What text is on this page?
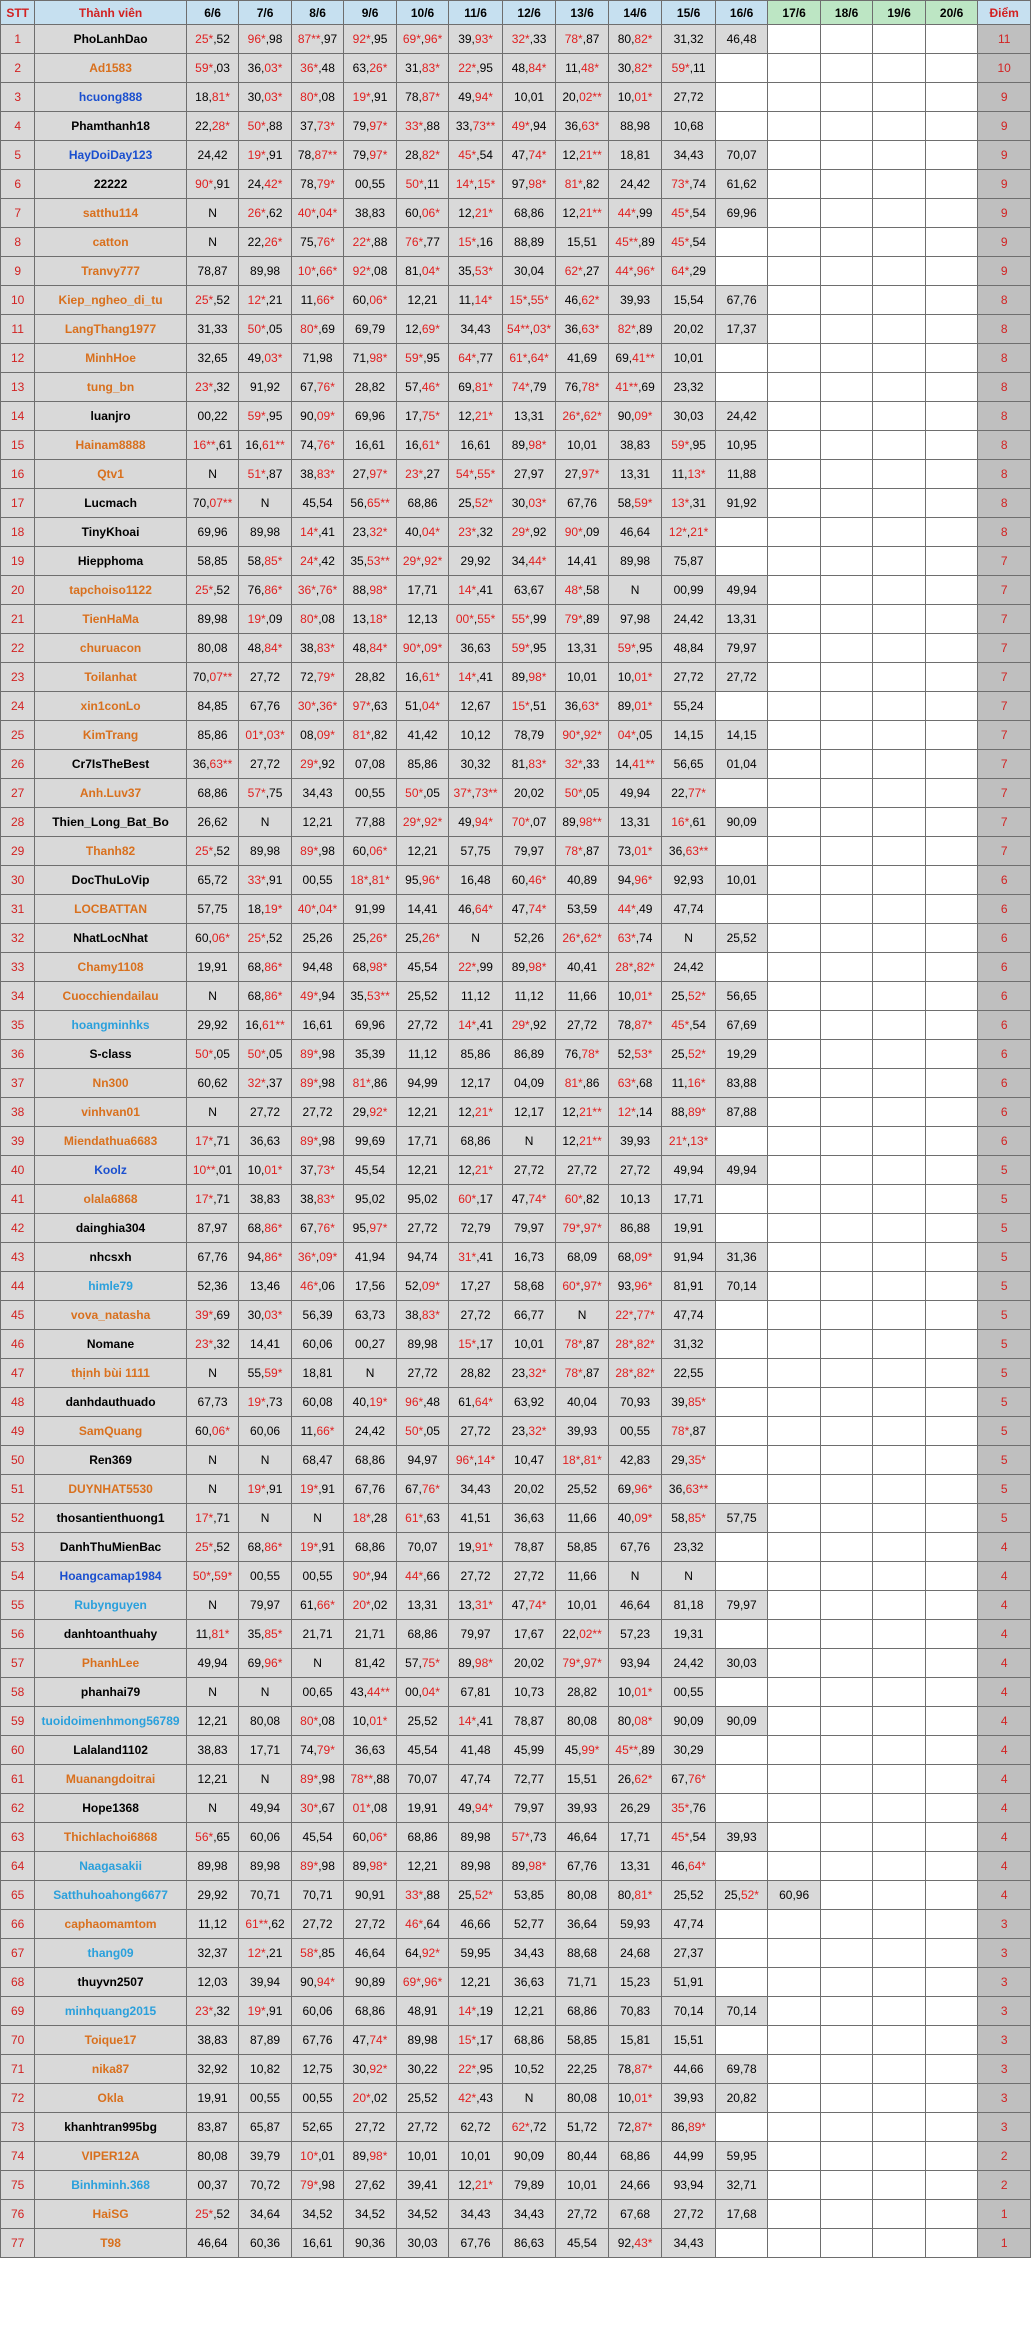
STT	Thành viên	6/6	7/6	8/6	9/6	10/6	11/6	12/6	13/6	14/6	15/6	16/6	17/6	18/6	19/6	20/6	Điểm
1	PhoLanhDao	25*,52	96*,98	87**,97	92*,95	69*,96*	39,93*	32*,33	78*,87	80,82*	31,32	46,48					11
2	Ad1583	59*,03	36,03*	36*,48	63,26*	31,83*	22*,95	48,84*	11,48*	30,82*	59*,11						10
3	hcuong888	18,81*	30,03*	80*,08	19*,91	78,87*	49,94*	10,01	20,02**	10,01*	27,72						9
4	Phamthanh18	22,28*	50*,88	37,73*	79,97*	33*,88	33,73**	49*,94	36,63*	88,98	10,68						9
5	HayDoiDay123	24,42	19*,91	78,87**	79,97*	28,82*	45*,54	47,74*	12,21**	18,81	34,43	70,07					9
6	22222	90*,91	24,42*	78,79*	00,55	50*,11	14*,15*	97,98*	81*,82	24,42	73*,74	61,62					9
7	satthu114	N	26*,62	40*,04*	38,83	60,06*	12,21*	68,86	12,21**	44*,99	45*,54	69,96					9
8	catton	N	22,26*	75,76*	22*,88	76*,77	15*,16	88,89	15,51	45**,89	45*,54						9
9	Tranvy777	78,87	89,98	10*,66*	92*,08	81,04*	35,53*	30,04	62*,27	44*,96*	64*,29						9
10	Kiep_ngheo_di_tu	25*,52	12*,21	11,66*	60,06*	12,21	11,14*	15*,55*	46,62*	39,93	15,54	67,76					8
11	LangThang1977	31,33	50*,05	80*,69	69,79	12,69*	34,43	54**,03*	36,63*	82*,89	20,02	17,37					8
12	MinhHoe	32,65	49,03*	71,98	71,98*	59*,95	64*,77	61*,64*	41,69	69,41**	10,01						8
13	tung_bn	23*,32	91,92	67,76*	28,82	57,46*	69,81*	74*,79	76,78*	41**,69	23,32						8
14	luanjro	00,22	59*,95	90,09*	69,96	17,75*	12,21*	13,31	26*,62*	90,09*	30,03	24,42					8
15	Hainam8888	16**,61	16,61**	74,76*	16,61	16,61*	16,61	89,98*	10,01	38,83	59*,95	10,95					8
16	Qtv1	N	51*,87	38,83*	27,97*	23*,27	54*,55*	27,97	27,97*	13,31	11,13*	11,88					8
17	Lucmach	70,07**	N	45,54	56,65**	68,86	25,52*	30,03*	67,76	58,59*	13*,31	91,92					8
18	TinyKhoai	69,96	89,98	14*,41	23,32*	40,04*	23*,32	29*,92	90*,09	46,64	12*,21*						8
19	Hiepphoma	58,85	58,85*	24*,42	35,53**	29*,92*	29,92	34,44*	14,41	89,98	75,87						7
20	tapchoiso1122	25*,52	76,86*	36*,76*	88,98*	17,71	14*,41	63,67	48*,58	N	00,99	49,94					7
21	TienHaMa	89,98	19*,09	80*,08	13,18*	12,13	00*,55*	55*,99	79*,89	97,98	24,42	13,31					7
22	churuacon	80,08	48,84*	38,83*	48,84*	90*,09*	36,63	59*,95	13,31	59*,95	48,84	79,97					7
23	Toilanhat	70,07**	27,72	72,79*	28,82	16,61*	14*,41	89,98*	10,01	10,01*	27,72	27,72					7
24	xin1conLo	84,85	67,76	30*,36*	97*,63	51,04*	12,67	15*,51	36,63*	89,01*	55,24						7
25	KimTrang	85,86	01*,03*	08,09*	81*,82	41,42	10,12	78,79	90*,92*	04*,05	14,15	14,15					7
26	Cr7IsTheBest	36,63**	27,72	29*,92	07,08	85,86	30,32	81,83*	32*,33	14,41**	56,65	01,04					7
27	Anh.Luv37	68,86	57*,75	34,43	00,55	50*,05	37*,73**	20,02	50*,05	49,94	22,77*						7
28	Thien_Long_Bat_Bo	26,62	N	12,21	77,88	29*,92*	49,94*	70*,07	89,98**	13,31	16*,61	90,09					7
29	Thanh82	25*,52	89,98	89*,98	60,06*	12,21	57,75	79,97	78*,87	73,01*	36,63**						7
30	DocThuLoVip	65,72	33*,91	00,55	18*,81*	95,96*	16,48	60,46*	40,89	94,96*	92,93	10,01					6
31	LOCBATTAN	57,75	18,19*	40*,04*	91,99	14,41	46,64*	47,74*	53,59	44*,49	47,74						6
32	NhatLocNhat	60,06*	25*,52	25,26	25,26*	25,26*	N	52,26	26*,62*	63*,74	N	25,52					6
33	Chamy1108	19,91	68,86*	94,48	68,98*	45,54	22*,99	89,98*	40,41	28*,82*	24,42						6
34	Cuocchiendailau	N	68,86*	49*,94	35,53**	25,52	11,12	11,12	11,66	10,01*	25,52*	56,65					6
35	hoangminhks	29,92	16,61**	16,61	69,96	27,72	14*,41	29*,92	27,72	78,87*	45*,54	67,69					6
36	S-class	50*,05	50*,05	89*,98	35,39	11,12	85,86	86,89	76,78*	52,53*	25,52*	19,29					6
37	Nn300	60,62	32*,37	89*,98	81*,86	94,99	12,17	04,09	81*,86	63*,68	11,16*	83,88					6
38	vinhvan01	N	27,72	27,72	29,92*	12,21	12,21*	12,17	12,21**	12*,14	88,89*	87,88					6
39	Miendathua6683	17*,71	36,63	89*,98	99,69	17,71	68,86	N	12,21**	39,93	21*,13*						6
40	Koolz	10**,01	10,01*	37,73*	45,54	12,21	12,21*	27,72	27,72	27,72	49,94	49,94					5
41	olala6868	17*,71	38,83	38,83*	95,02	95,02	60*,17	47,74*	60*,82	10,13	17,71						5
42	dainghia304	87,97	68,86*	67,76*	95,97*	27,72	72,79	79,97	79*,97*	86,88	19,91						5
43	nhcsxh	67,76	94,86*	36*,09*	41,94	94,74	31*,41	16,73	68,09	68,09*	91,94	31,36					5
44	himle79	52,36	13,46	46*,06	17,56	52,09*	17,27	58,68	60*,97*	93,96*	81,91	70,14					5
45	vova_natasha	39*,69	30,03*	56,39	63,73	38,83*	27,72	66,77	N	22*,77*	47,74						5
46	Nomane	23*,32	14,41	60,06	00,27	89,98	15*,17	10,01	78*,87	28*,82*	31,32						5
47	thịnh bùi 1111	N	55,59*	18,81	N	27,72	28,82	23,32*	78*,87	28*,82*	22,55						5
48	danhdauthuado	67,73	19*,73	60,08	40,19*	96*,48	61,64*	63,92	40,04	70,93	39,85*						5
49	SamQuang	60,06*	60,06	11,66*	24,42	50*,05	27,72	23,32*	39,93	00,55	78*,87						5
50	Ren369	N	N	68,47	68,86	94,97	96*,14*	10,47	18*,81*	42,83	29,35*						5
51	DUYNHAT5530	N	19*,91	19*,91	67,76	67,76*	34,43	20,02	25,52	69,96*	36,63**						5
52	thosantienthuong1	17*,71	N	N	18*,28	61*,63	41,51	36,63	11,66	40,09*	58,85*	57,75					5
53	DanhThuMienBac	25*,52	68,86*	19*,91	68,86	70,07	19,91*	78,87	58,85	67,76	23,32						4
54	Hoangcamap1984	50*,59*	00,55	00,55	90*,94	44*,66	27,72	27,72	11,66	N	N						4
55	Rubynguyen	N	79,97	61,66*	20*,02	13,31	13,31*	47,74*	10,01	46,64	81,18	79,97					4
56	danhtoanthuahy	11,81*	35,85*	21,71	21,71	68,86	79,97	17,67	22,02**	57,23	19,31						4
57	PhanhLee	49,94	69,96*	N	81,42	57,75*	89,98*	20,02	79*,97*	93,94	24,42	30,03					4
58	phanhai79	N	N	00,65	43,44**	00,04*	67,81	10,73	28,82	10,01*	00,55						4
59	tuoidoimenhmong56789	12,21	80,08	80*,08	10,01*	25,52	14*,41	78,87	80,08	80,08*	90,09	90,09					4
60	Lalaland1102	38,83	17,71	74,79*	36,63	45,54	41,48	45,99	45,99*	45**,89	30,29						4
61	Muanangdoitrai	12,21	N	89*,98	78**,88	70,07	47,74	72,77	15,51	26,62*	67,76*						4
62	Hope1368	N	49,94	30*,67	01*,08	19,91	49,94*	79,97	39,93	26,29	35*,76						4
63	Thichlachoi6868	56*,65	60,06	45,54	60,06*	68,86	89,98	57*,73	46,64	17,71	45*,54	39,93					4
64	Naagasakii	89,98	89,98	89*,98	89,98*	12,21	89,98	89,98*	67,76	13,31	46,64*						4
65	Satthuhoahong6677	29,92	70,71	70,71	90,91	33*,88	25,52*	53,85	80,08	80,81*	25,52	25,52*	60,96				4
66	caphaomamtom	11,12	61**,62	27,72	27,72	46*,64	46,66	52,77	36,64	59,93	47,74						3
67	thang09	32,37	12*,21	58*,85	46,64	64,92*	59,95	34,43	88,68	24,68	27,37						3
68	thuyvn2507	12,03	39,94	90,94*	90,89	69*,96*	12,21	36,63	71,71	15,23	51,91						3
69	minhquang2015	23*,32	19*,91	60,06	68,86	48,91	14*,19	12,21	68,86	70,83	70,14	70,14					3
70	Toique17	38,83	87,89	67,76	47,74*	89,98	15*,17	68,86	58,85	15,81	15,51						3
71	nika87	32,92	10,82	12,75	30,92*	30,22	22*,95	10,52	22,25	78,87*	44,66	69,78					3
72	Okla	19,91	00,55	00,55	20*,02	25,52	42*,43	N	80,08	10,01*	39,93	20,82					3
73	khanhtran995bg	83,87	65,87	52,65	27,72	27,72	62,72	62*,72	51,72	72,87*	86,89*						3
74	VIPER12A	80,08	39,79	10*,01	89,98*	10,01	10,01	90,09	80,44	68,86	44,99	59,95					2
75	Binhminh.368	00,37	70,72	79*,98	27,62	39,41	12,21*	79,89	10,01	24,66	93,94	32,71					2
76	HaiSG	25*,52	34,64	34,52	34,52	34,52	34,43	34,43	27,72	67,68	27,72	17,68					1
77	T98	46,64	60,36	16,61	90,36	30,03	67,76	86,63	45,54	92,43*	34,43						1
